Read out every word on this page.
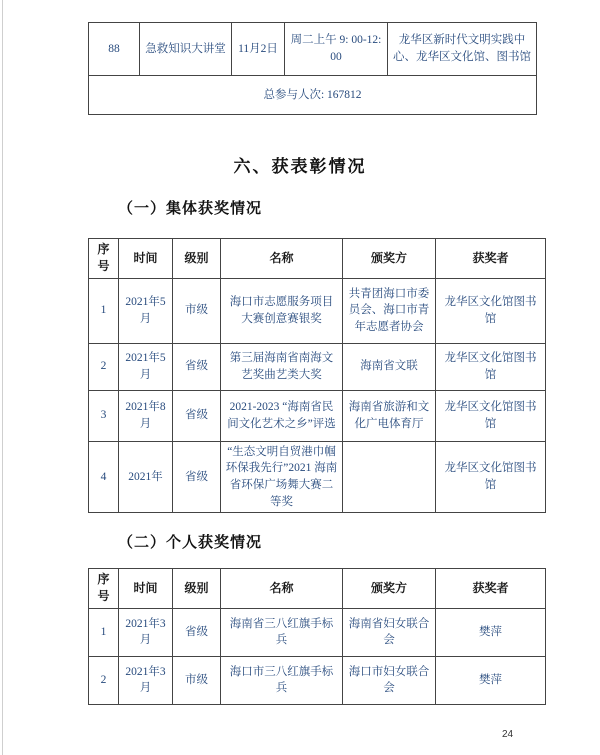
88	急救知识大讲堂	11月2日	周二上午 9: 00-12: 00	龙华区新时代文明实践中心、龙华区文化馆、图书馆
总参与人次: 167812
六、获表彰情况
（一）集体获奖情况
序号	时间	级别	名称	颁奖方	获奖者
1	2021年5月	市级	海口市志愿服务项目大赛创意赛银奖	共青团海口市委员会、海口市青年志愿者协会	龙华区文化馆图书馆
2	2021年5月	省级	第三届海南省南海文艺奖曲艺类大奖	海南省文联	龙华区文化馆图书馆
3	2021年8月	省级	2021-2023 “海南省民间文化艺术之乡”评选	海南省旅游和文化广电体育厅	龙华区文化馆图书馆
4	2021年	省级	“生态文明自贸港巾帼环保我先行”2021 海南省环保广场舞大赛二等奖		龙华区文化馆图书馆
（二）个人获奖情况
序号	时间	级别	名称	颁奖方	获奖者
1	2021年3月	省级	海南省三八红旗手标兵	海南省妇女联合会	樊萍
2	2021年3月	市级	海口市三八红旗手标兵	海口市妇女联合会	樊萍
24
